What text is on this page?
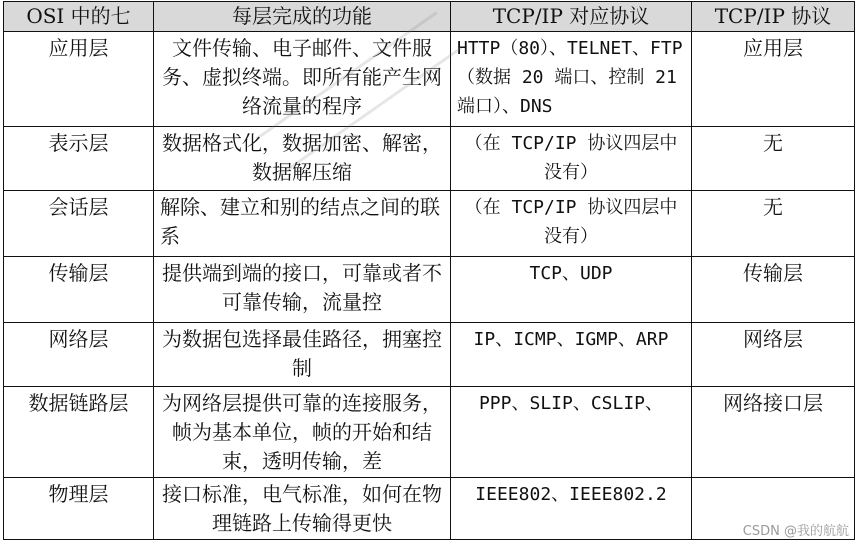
OSI 中的七	每层完成的功能	TCP/IP 对应协议	TCP/IP 协议
应用层	文件传输、电子邮件、文件服务、虚拟终端。即所有能产生网络流量的程序	HTTP（80）、TELNET、FTP（数据 20 端口、控制 21 端口）、DNS	应用层
表示层	数据格式化，数据加密、解密，数据解压缩	（在 TCP/IP 协议四层中没有）	无
会话层	解除、建立和别的结点之间的联系	（在 TCP/IP 协议四层中没有）	无
传输层	提供端到端的接口，可靠或者不可靠传输，流量控	TCP、UDP	传输层
网络层	为数据包选择最佳路径，拥塞控制	IP、ICMP、IGMP、ARP	网络层
数据链路层	为网络层提供可靠的连接服务，帧为基本单位，帧的开始和结束，透明传输，差	PPP、SLIP、CSLIP、	网络接口层
物理层	接口标准，电气标准，如何在物理链路上传输得更快	IEEE802、IEEE802.2	
CSDN @我的航航
